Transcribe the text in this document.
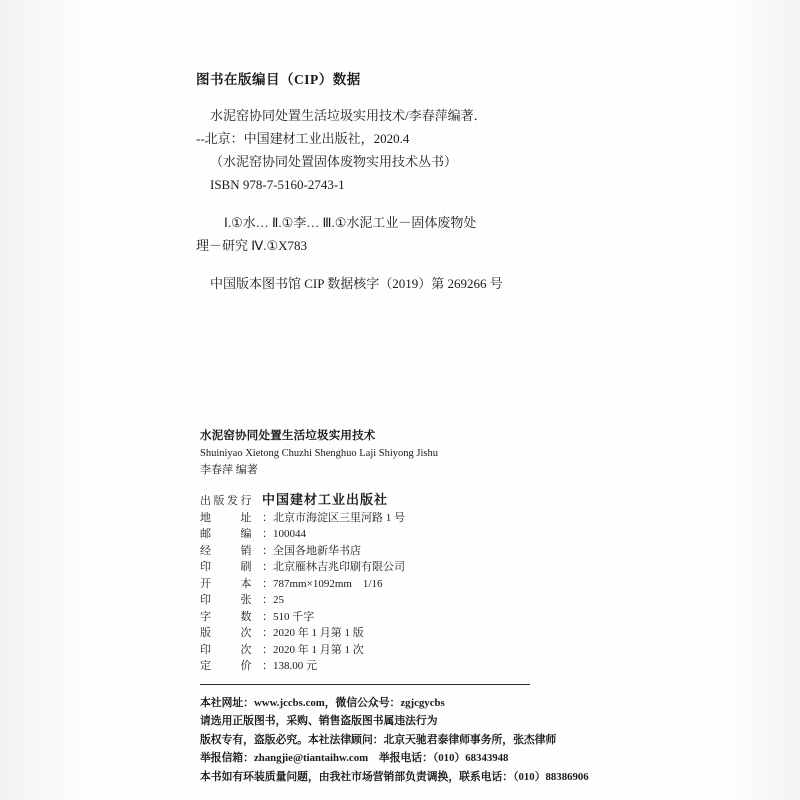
图书在版编目（CIP）数据

水泥窑协同处置生活垃圾实用技术/李春萍编著．

--北京：中国建材工业出版社，2020.4

（水泥窑协同处置固体废物实用技术丛书）

ISBN 978-7-5160-2743-1

Ⅰ.①水… Ⅱ.①李… Ⅲ.①水泥工业－固体废物处

理－研究 Ⅳ.①X783

中国版本图书馆 CIP 数据核字（2019）第 269266 号

水泥窑协同处置生活垃圾实用技术

Shuiniyao Xietong Chuzhi Shenghuo Laji Shiyong Jishu

李春萍 编著

出版发行 中国建材工业出版社
地　　址 ：北京市海淀区三里河路 1 号
邮　　编 ：100044
经　　销 ：全国各地新华书店
印　　刷 ：北京雁林吉兆印刷有限公司
开　　本 ：787mm×1092mm　1/16
印　　张 ：25
字　　数 ：510 千字
版　　次 ：2020 年 1 月第 1 版
印　　次 ：2020 年 1 月第 1 次
定　　价 ：138.00 元

本社网址：www.jccbs.com，微信公众号：zgjcgycbs

请选用正版图书，采购、销售盗版图书属违法行为

版权专有，盗版必究。本社法律顾问：北京天驰君泰律师事务所，张杰律师

举报信箱：zhangjie@tiantaihw.com　举报电话：（010）68343948

本书如有环装质量问题，由我社市场营销部负责调换，联系电话：（010）88386906
